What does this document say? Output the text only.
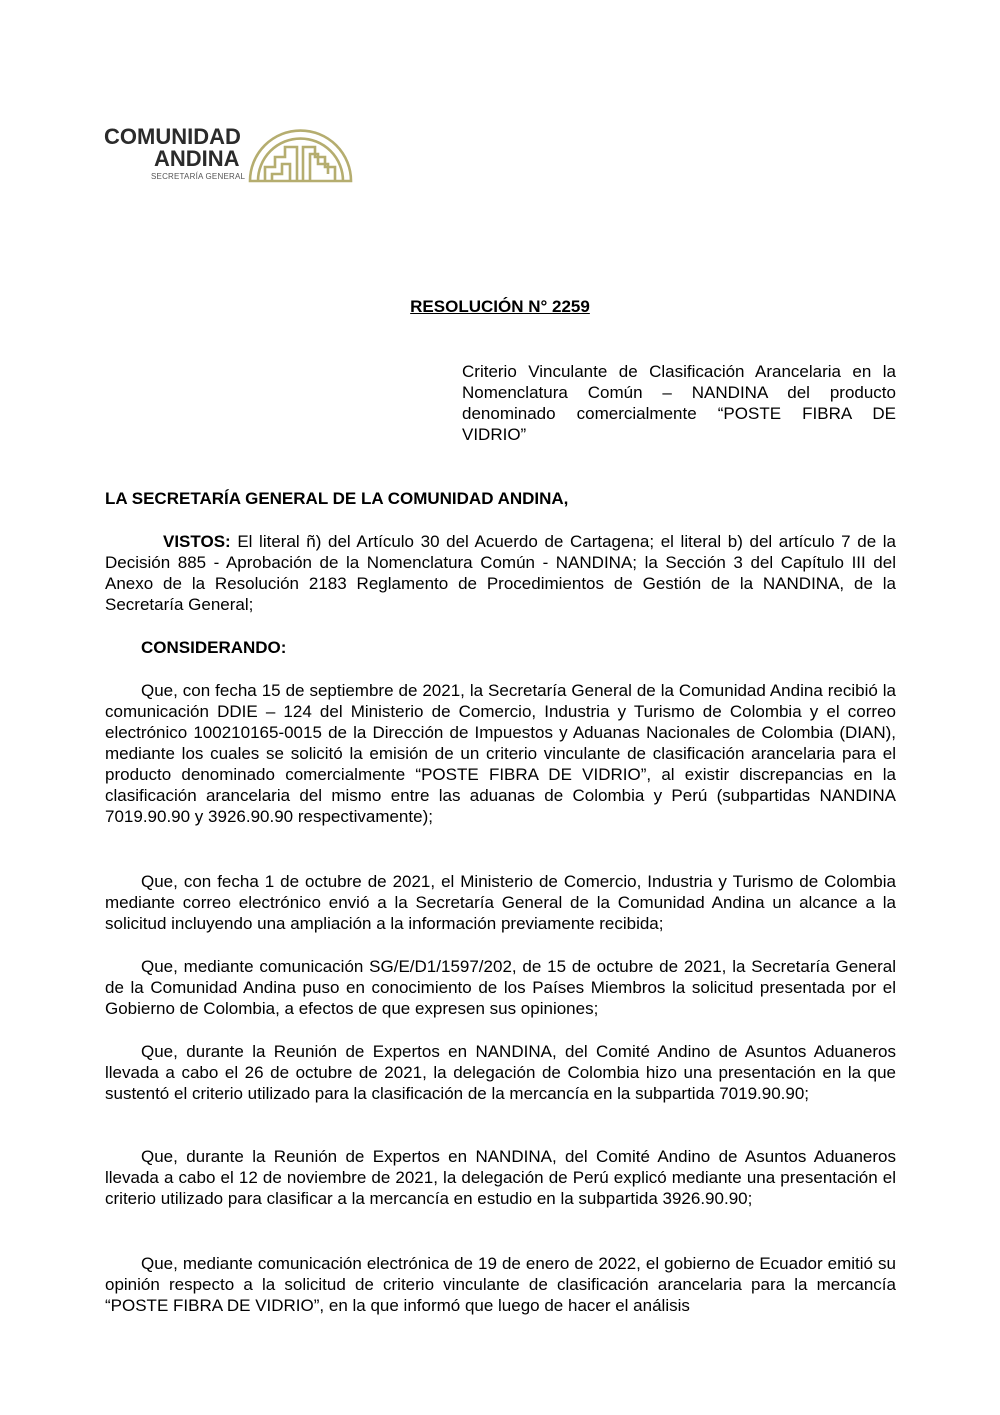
COMUNIDAD
ANDINA
SECRETARÍA GENERAL
RESOLUCIÓN N° 2259
Criterio Vinculante de Clasificación Arancelaria en la Nomenclatura Común – NANDINA del producto denominado comercialmente “POSTE FIBRA DE VIDRIO”
LA SECRETARÍA GENERAL DE LA COMUNIDAD ANDINA,
VISTOS: El literal ñ) del Artículo 30 del Acuerdo de Cartagena; el literal b) del artículo 7 de la Decisión 885 - Aprobación de la Nomenclatura Común - NANDINA; la Sección 3 del Capítulo III del Anexo de la Resolución 2183 Reglamento de Procedimientos de Gestión de la NANDINA, de la Secretaría General;
CONSIDERANDO:

Que, con fecha 15 de septiembre de 2021, la Secretaría General de la Comunidad Andina recibió la comunicación DDIE – 124 del Ministerio de Comercio, Industria y Turismo de Colombia y el correo electrónico 100210165-0015 de la Dirección de Impuestos y Aduanas Nacionales de Colombia (DIAN), mediante los cuales se solicitó la emisión de un criterio vinculante de clasificación arancelaria para el producto denominado comercialmente “POSTE FIBRA DE VIDRIO”, al existir discrepancias en la clasificación arancelaria del mismo entre las aduanas de Colombia y Perú (subpartidas NANDINA 7019.90.90 y 3926.90.90 respectivamente);

Que, con fecha 1 de octubre de 2021, el Ministerio de Comercio, Industria y Turismo de Colombia mediante correo electrónico envió a la Secretaría General de la Comunidad Andina un alcance a la solicitud incluyendo una ampliación a la información previamente recibida;

Que, mediante comunicación SG/E/D1/1597/202, de 15 de octubre de 2021, la Secretaría General de la Comunidad Andina puso en conocimiento de los Países Miembros la solicitud presentada por el Gobierno de Colombia, a efectos de que expresen sus opiniones;

Que, durante la Reunión de Expertos en NANDINA, del Comité Andino de Asuntos Aduaneros llevada a cabo el 26 de octubre de 2021, la delegación de Colombia hizo una presentación en la que sustentó el criterio utilizado para la clasificación de la mercancía en la subpartida 7019.90.90;

Que, durante la Reunión de Expertos en NANDINA, del Comité Andino de Asuntos Aduaneros llevada a cabo el 12 de noviembre de 2021, la delegación de Perú explicó mediante una presentación el criterio utilizado para clasificar a la mercancía en estudio en la subpartida 3926.90.90;

Que, mediante comunicación electrónica de 19 de enero de 2022, el gobierno de Ecuador emitió su opinión respecto a la solicitud de criterio vinculante de clasificación arancelaria para la mercancía “POSTE FIBRA DE VIDRIO”, en la que informó que luego de hacer el análisis
